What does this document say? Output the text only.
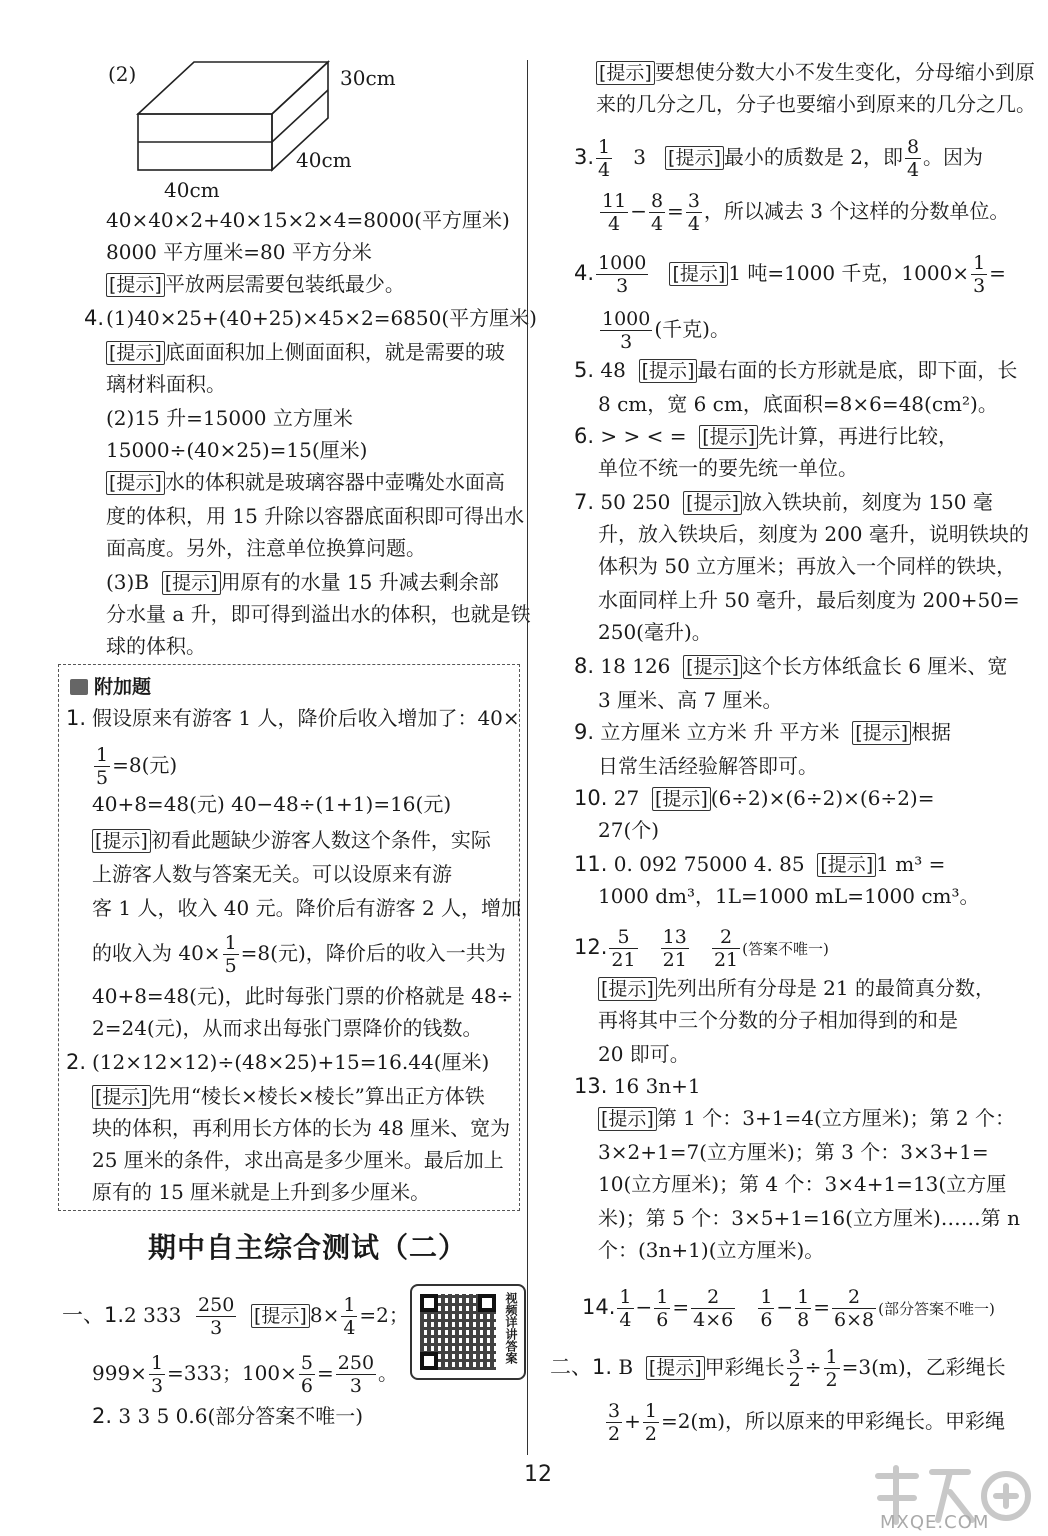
(2)	30cm
40cm
40cm
40×40×2+40×15×2×4=8000(平方厘米)
8000 平方厘米=80 平方分米
[提示] 平放两层需要包装纸最少。
4. (1)40×25+(40+25)×45×2=6850(平方厘米)
[提示] 底面面积加上侧面面积，就是需要的玻
璃材料面积。
(2)15 升=15000 立方厘米
15000÷(40×25)=15(厘米)
[提示] 水的体积就是玻璃容器中壶嘴处水面高
度的体积，用 15 升除以容器底面积即可得出水
面高度。另外，注意单位换算问题。
(3)B [提示] 用原有的水量 15 升减去剩余部
分水量 a 升，即可得到溢出水的体积，也就是铁
球的体积。
附加题
1. 假设原来有游客 1 人，降价后收入增加了：40×
$\frac{1}{5} =8$(元)
40+8=48(元) 40−48÷(1+1)=16(元)
[提示] 初看此题缺少游客人数这个条件，实际
上游客人数与答案无关。可以设原来有游
客 1 人，收入 40 元。降价后有游客 2 人，增加
的收入为 $40\times \frac{1}{5} =8$(元)，降价后的收入一共为
40+8=48(元)，此时每张门票的价格就是 48÷
2=24(元)，从而求出每张门票降价的钱数。
2. (12×12×12)÷(48×25)+15=16.44(厘米)
[提示] 先用“棱长×棱长×棱长”算出正方体铁
块的体积，再利用长方体的长为 48 厘米、宽为
25 厘米的条件，求出高是多少厘米。最后加上
原有的 15 厘米就是上升到多少厘米。
期中自主综合测试（二）
一、1.2 $333 \frac{250}{3}$ [提示] $8\times \frac{1}{4} =2$；
$999\times \frac{1}{3} =333$；$100\times \frac{5}{6} = \frac{250}{3}$ 。
2. 3 3 5 0.6(部分答案不唯一)
视频详讲答案
[提示] 要想使分数大小不发生变化，分母缩小到原
来的几分之几，分子也要缩小到原来的几分之几。
3. $\frac{1}{4} 3$ [提示] 最小的质数是 2，即 $\frac{8}{4}$ 。因为
$\frac{11}{4} - \frac{8}{4} = \frac{3}{4}$ ，所以减去 3 个这样的分数单位。
4. $\frac{1000}{3}$ [提示] 1 吨=1000 千克，$1000\times \frac{1}{3}$ =
$\frac{1000}{3}$ (千克)。
5. 48 [提示] 最右面的长方形就是底，即下面，长
8 cm，宽 6 cm，底面积=8×6=48(cm²)。
6. > > < = [提示] 先计算，再进行比较，
单位不统一的要先统一单位。
7. 50 250 [提示] 放入铁块前，刻度为 150 毫
升，放入铁块后，刻度为 200 毫升，说明铁块的
体积为 50 立方厘米；再放入一个同样的铁块，
水面同样上升 50 毫升，最后刻度为 200+50=
250(毫升)。
8. 18 126 [提示] 这个长方体纸盒长 6 厘米、宽
3 厘米、高 7 厘米。
9. 立方厘米 立方米 升 平方米 [提示] 根据
日常生活经验解答即可。
10. 27 [提示] (6÷2)×(6÷2)×(6÷2)=
27(个)
11. 0. 092 75000 4. 85 [提示] 1 m³ =
1000 dm³，1L=1000 mL=1000 cm³。
12. $\frac{5}{21}$
$\frac{13}{21}$
$\frac{2}{21}$ (答案不唯一)
[提示] 先列出所有分母是 21 的最简真分数，
再将其中三个分数的分子相加得到的和是
20 即可。
13. 16 3n+1
[提示] 第 1 个：3+1=4(立方厘米)；第 2 个：
3×2+1=7(立方厘米)；第 3 个：3×3+1=
10(立方厘米)；第 4 个：3×4+1=13(立方厘
米)；第 5 个：3×5+1=16(立方厘米)……第 n
个：(3n+1)(立方厘米)。
14. $\frac{1}{4} - \frac{1}{6} = \frac{2}{4\times 6}$
$\frac{1}{6} - \frac{1}{8} = \frac{2}{6\times 8}$ (部分答案不唯一)
二、1. B [提示] 甲彩绳长 $\frac{3}{2} \div \frac{1}{2} =3(m)$，乙彩绳长
$\frac{3}{2} + \frac{1}{2} =2(m)$，所以原来的甲彩绳长。甲彩绳
12
MXQE.COM
